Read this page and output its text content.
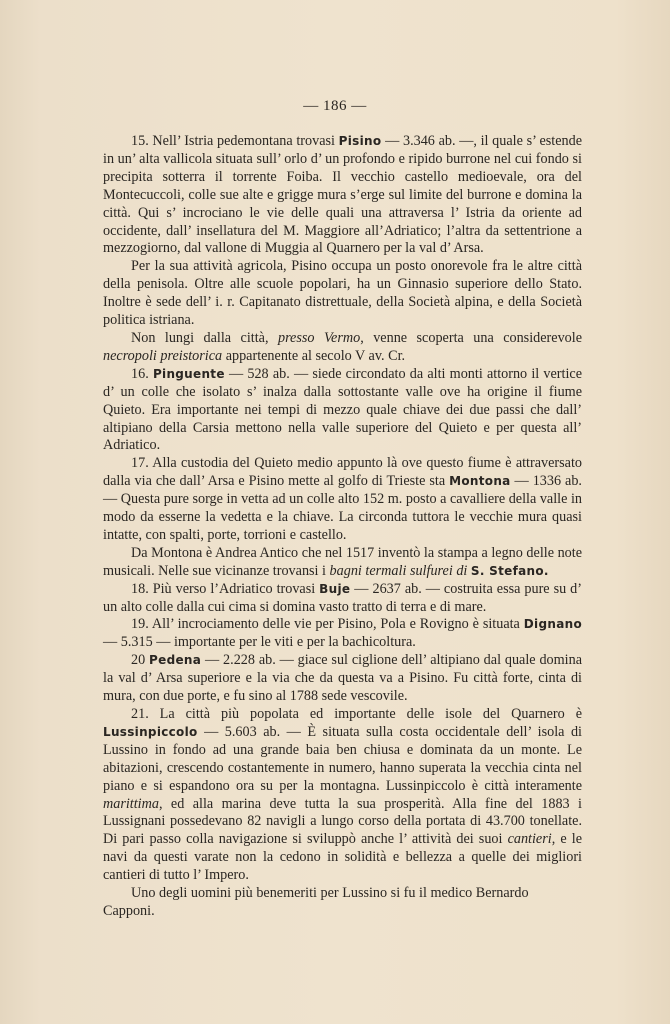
— 186 —

15. Nell’ Istria pedemontana trovasi Pisino — 3.346 ab. —, il quale s’ estende in un’ alta vallicola situata sull’ orlo d’ un profondo e ripido burrone nel cui fondo si precipita sotterra il torrente Foiba. Il vecchio castello medioevale, ora del Montecuccoli, colle sue alte e grigge mura s’erge sul limite del burrone e domina la città. Qui s’ incrociano le vie delle quali una attraversa l’ Istria da oriente ad occidente, dall’ insellatura del M. Maggiore all’Adriatico; l’altra da settentrione a mezzogiorno, dal vallone di Muggia al Quarnero per la val d’ Arsa.

Per la sua attività agricola, Pisino occupa un posto onorevole fra le altre città della penisola. Oltre alle scuole popolari, ha un Ginnasio superiore dello Stato. Inoltre è sede dell’ i. r. Capitanato distrettuale, della Società alpina, e della Società politica istriana.

Non lungi dalla città, presso Vermo, venne scoperta una considerevole necropoli preistorica appartenente al secolo V av. Cr.

16. Pinguente — 528 ab. — siede circondato da alti monti attorno il vertice d’ un colle che isolato s’ inalza dalla sottostante valle ove ha origine il fiume Quieto. Era importante nei tempi di mezzo quale chiave dei due passi che dall’ altipiano della Carsia mettono nella valle superiore del Quieto e per questa all’ Adriatico.

17. Alla custodia del Quieto medio appunto là ove questo fiume è attraversato dalla via che dall’ Arsa e Pisino mette al golfo di Trieste sta Montona — 1336 ab. — Questa pure sorge in vetta ad un colle alto 152 m. posto a cavalliere della valle in modo da esserne la vedetta e la chiave. La circonda tuttora le vecchie mura quasi intatte, con spalti, porte, torrioni e castello.

Da Montona è Andrea Antico che nel 1517 inventò la stampa a legno delle note musicali. Nelle sue vicinanze trovansi i bagni termali sulfurei di S. Stefano.

18. Più verso l’Adriatico trovasi Buje — 2637 ab. — costruita essa pure su d’ un alto colle dalla cui cima si domina vasto tratto di terra e di mare.

19. All’ incrociamento delle vie per Pisino, Pola e Rovigno è situata Dignano — 5.315 — importante per le viti e per la bachicoltura.

20 Pedena — 2.228 ab. — giace sul ciglione dell’ altipiano dal quale domina la val d’ Arsa superiore e la via che da questa va a Pisino. Fu città forte, cinta di mura, con due porte, e fu sino al 1788 sede vescovile.

21. La città più popolata ed importante delle isole del Quarnero è Lussinpiccolo — 5.603 ab. — È situata sulla costa occidentale dell’ isola di Lussino in fondo ad una grande baia ben chiusa e dominata da un monte. Le abitazioni, crescendo costantemente in numero, hanno superata la vecchia cinta nel piano e si espandono ora su per la montagna. Lussinpiccolo è città interamente marittima, ed alla marina deve tutta la sua prosperità. Alla fine del 1883 i Lussignani possedevano 82 navigli a lungo corso della portata di 43.700 tonellate. Di pari passo colla navigazione si sviluppò anche l’ attività dei suoi cantieri, e le navi da questi varate non la cedono in solidità e bellezza a quelle dei migliori cantieri di tutto l’ Impero.

Uno degli uomini più benemeriti per Lussino si fu il medico Bernardo Capponi.
